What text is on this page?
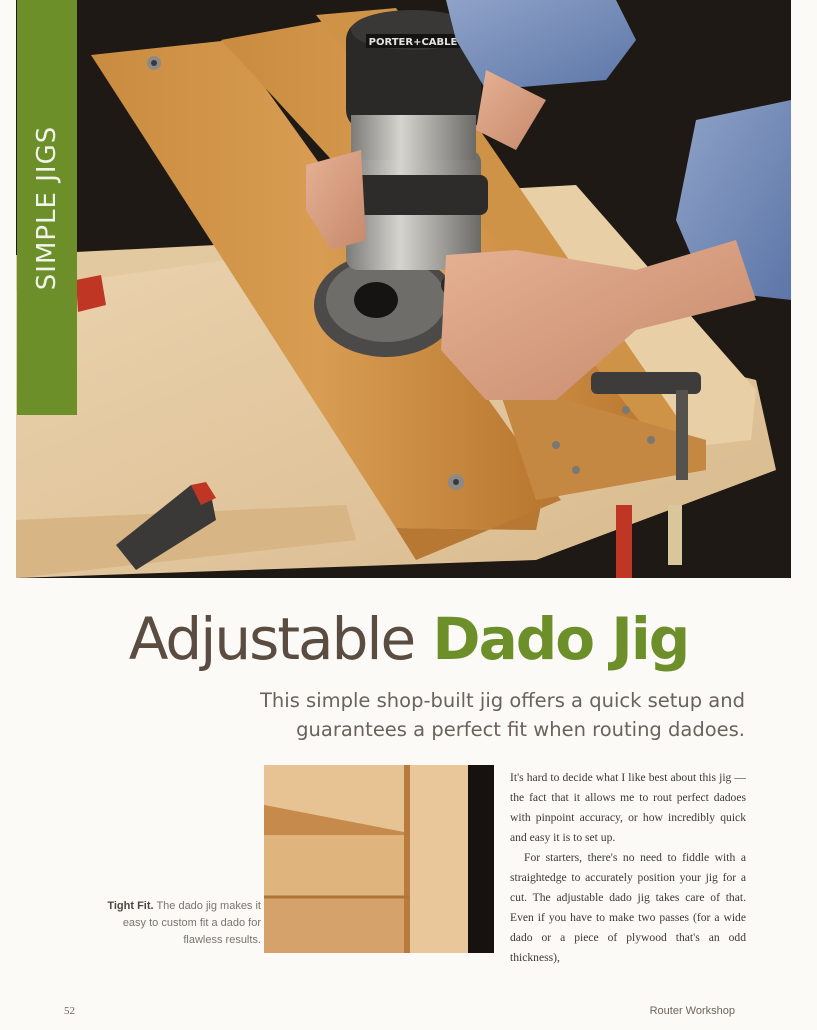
PORTER+CABLE
SIMPLE JIGS
Adjustable Dado Jig
This simple shop-built jig offers a quick setup and guarantees a perfect fit when routing dadoes.
Tight Fit. The dado jig makes it easy to custom fit a dado for flawless results.

It's hard to decide what I like best about this jig — the fact that it allows me to rout perfect dadoes with pinpoint accuracy, or how incredibly quick and easy it is to set up.

For starters, there's no need to fiddle with a straightedge to accurately position your jig for a cut. The adjustable dado jig takes care of that. Even if you have to make two passes (for a wide dado or a piece of plywood that's an odd thickness),

52	Router Workshop
